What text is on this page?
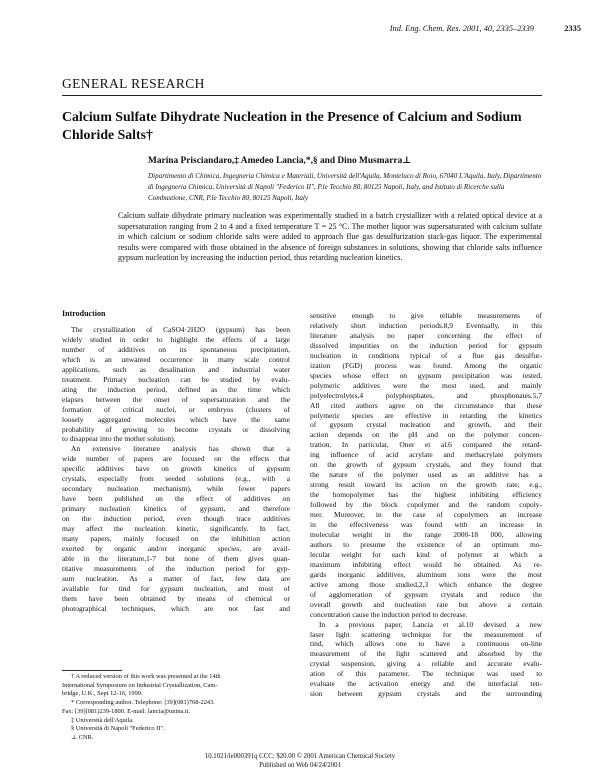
Ind. Eng. Chem. Res. 2001, 40, 2335–2339	2335
GENERAL RESEARCH
Calcium Sulfate Dihydrate Nucleation in the Presence of Calcium and Sodium Chloride Salts†
Marina Prisciandaro,‡ Amedeo Lancia,*,§ and Dino Musmarra⊥
Dipartimento di Chimica, Ingegneria Chimica e Materiali, Università dell'Aquila, Monteluco di Roio, 67040 L'Aquila, Italy, Dipartimento di Ingegneria Chimica, Università di Napoli "Federico II", P.le Tecchio 80, 80125 Napoli, Italy, and Istituto di Ricerche sulla Combustione, CNR, P.le Tecchio 80, 80125 Napoli, Italy
Calcium sulfate dihydrate primary nucleation was experimentally studied in a batch crystallizer with a related optical device at a supersaturation ranging from 2 to 4 and a fixed temperature T = 25 °C. The mother liquor was supersaturated with calcium sulfate in which calcium or sodium chloride salts were added to approach flue gas desulfurization stack-gas liquor. The experimental results were compared with those obtained in the absence of foreign substances in solutions, showing that chloride salts influence gypsum nucleation by increasing the induction period, thus retarding nucleation kinetics.
Introduction
The crystallization of CaSO4·2H2O (gypsum) has been
widely studied in order to highlight the effects of a large
number of additives on its spontaneous precipitation,
which is an unwanted occurrence in many scale control
applications, such as desalination and industrial water
treatment. Primary nucleation can be studied by evalu-
ating the induction period, defined as the time which
elapses between the onset of supersaturation and the
formation of critical nuclei, or embryos (clusters of
loosely aggregated molecules which have the same
probability of growing to become crystals or dissolving
to disappear into the mother solution).
An extensive literature analysis has shown that a
wide number of papers are focused on the effects that
specific additives have on growth kinetics of gypsum
crystals, especially from seeded solutions (e.g., with a
secondary nucleation mechanism), while fewer papers
have been published on the effect of additives on
primary nucleation kinetics of gypsum, and therefore
on the induction period, even though trace additives
may affect the nucleation kinetic, significantly. In fact,
many papers, mainly focused on the inhibition action
exerted by organic and/or inorganic species, are avail-
able in the literature,1-7 but none of them gives quan-
titative measurements of the induction period for gyp-
sum nucleation. As a matter of fact, few data are
available for tind for gypsum nucleation, and most of
them have been obtained by means of chemical or
photographical techniques, which are not fast and
sensitive enough to give reliable measurements of
relatively short induction periods.8,9 Eventually, in this
literature analysis no paper concerning the effect of
dissolved impurities on the induction period for gypsum
nucleation in conditions typical of a flue gas desulfur-
ization (FGD) process was found. Among the organic
species whose effect on gypsum precipitation was tested,
polymeric additives were the most used, and mainly
polyelectrolytes,4 polyphosphates, and phosphonates.5,7
All cited authors agree on the circumstance that these
polymeric species are effective in retarding the kinetics
of gypsum crystal nucleation and growth, and their
action depends on the pH and on the polymer concen-
tration. In particular, Oner et al.6 compared the retard-
ing influence of acid acrylate and methacrylate polymers
on the growth of gypsum crystals, and they found that
the nature of the polymer used as an additive has a
strong result toward its action on the growth rate; e.g.,
the homopolymer has the highest inhibiting efficiency
followed by the block copolymer and the random copoly-
mer. Moreover, in the case of copolymers an increase
in the effectiveness was found with an increase in
molecular weight in the range 2000-18 000, allowing
authors to presume the existence of an optimum mo-
lecular weight for each kind of polymer at which a
maximum inhibiting effect would be obtained. As re-
gards inorganic additives, aluminum ions were the most
active among those studied,2,3 which enhance the degree
of agglomeration of gypsum crystals and reduce the
overall growth and nucleation rate but above a certain
concentration cause the induction period to decrease.
In a previous paper, Lancia et al.10 devised a new
laser light scattering technique for the measurement of
tind, which allows one to have a continuous on-line
measurement of the light scattered and absorbed by the
crystal suspension, giving a reliable and accurate evalu-
ation of this parameter. The technique was used to
evaluate the activation energy and the interfacial ten-
sion between gypsum crystals and the surrounding
† A reduced version of this work was presented at the 14th
International Symposium on Industrial Crystallization, Cam-
bridge, U.K., Sept 12-16, 1999.
* Corresponding author. Telephone: [39](081)768-2243.
Fax: [39](081)239-1800. E-mail: lancia@unina.it.
‡ Università dell'Aquila.
§ Università di Napoli "Federico II".
⊥ CNR.
10.1021/ie000391q CCC: $20.00 © 2001 American Chemical Society
Published on Web 04/24/2001
